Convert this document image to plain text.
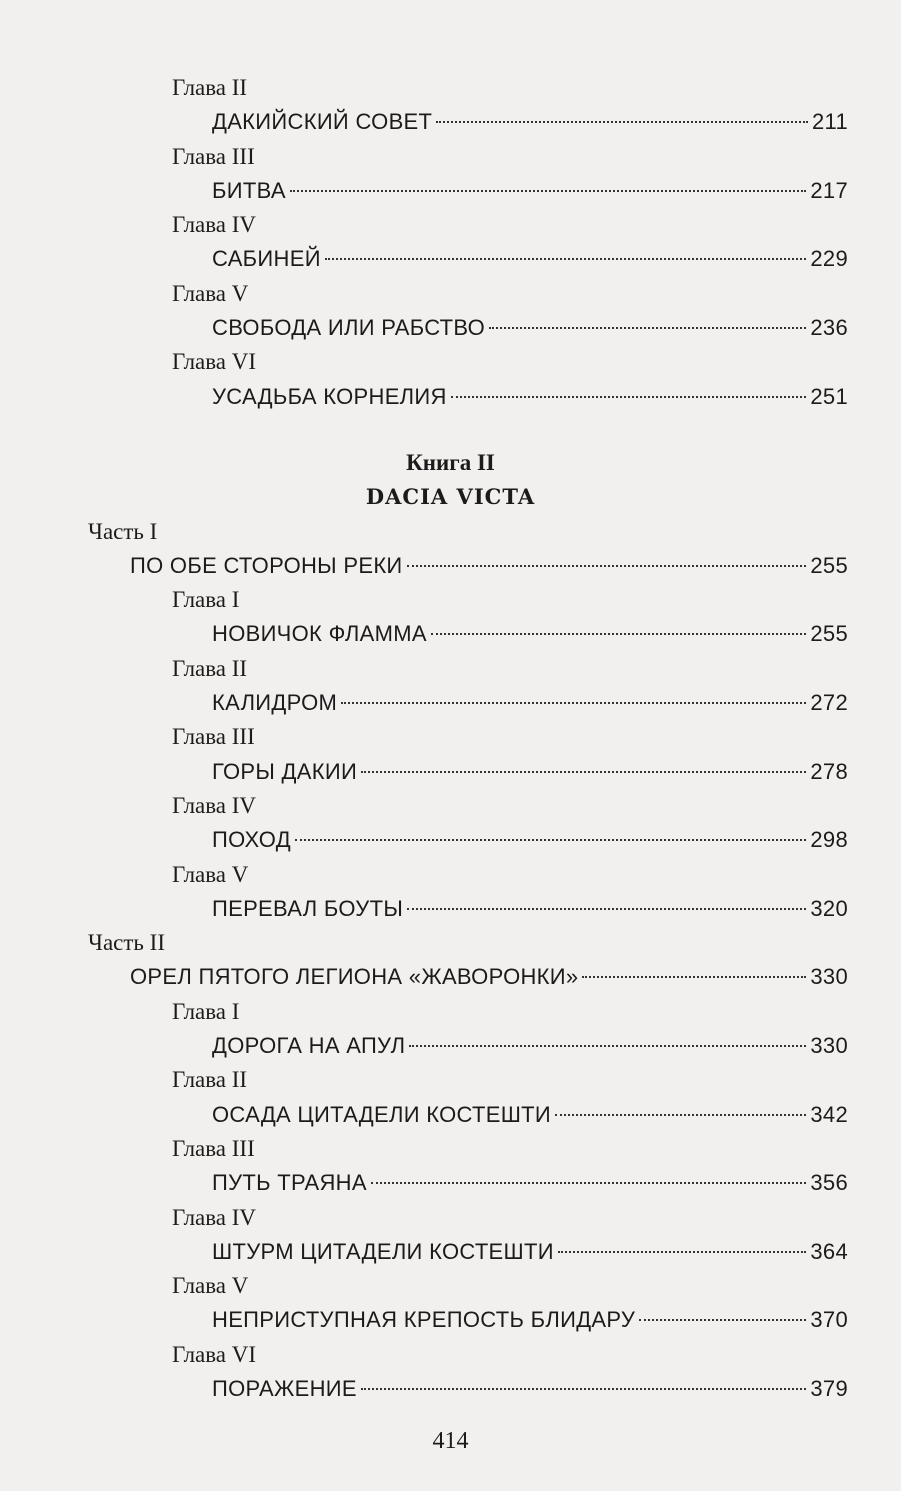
Глава II
ДАКИЙСКИЙ СОВЕТ	211
Глава III
БИТВА	217
Глава IV
САБИНЕЙ	229
Глава V
СВОБОДА ИЛИ РАБСТВО	236
Глава VI
УСАДЬБА КОРНЕЛИЯ	251
Книга II
DACIA VICTA
Часть I
ПО ОБЕ СТОРОНЫ РЕКИ	255
Глава I
НОВИЧОК ФЛАММА	255
Глава II
КАЛИДРОМ	272
Глава III
ГОРЫ ДАКИИ	278
Глава IV
ПОХОД	298
Глава V
ПЕРЕВАЛ БОУТЫ	320
Часть II
ОРЕЛ ПЯТОГО ЛЕГИОНА «ЖАВОРОНКИ»	330
Глава I
ДОРОГА НА АПУЛ	330
Глава II
ОСАДА ЦИТАДЕЛИ КОСТЕШТИ	342
Глава III
ПУТЬ ТРАЯНА	356
Глава IV
ШТУРМ ЦИТАДЕЛИ КОСТЕШТИ	364
Глава V
НЕПРИСТУПНАЯ КРЕПОСТЬ БЛИДАРУ	370
Глава VI
ПОРАЖЕНИЕ	379
414
